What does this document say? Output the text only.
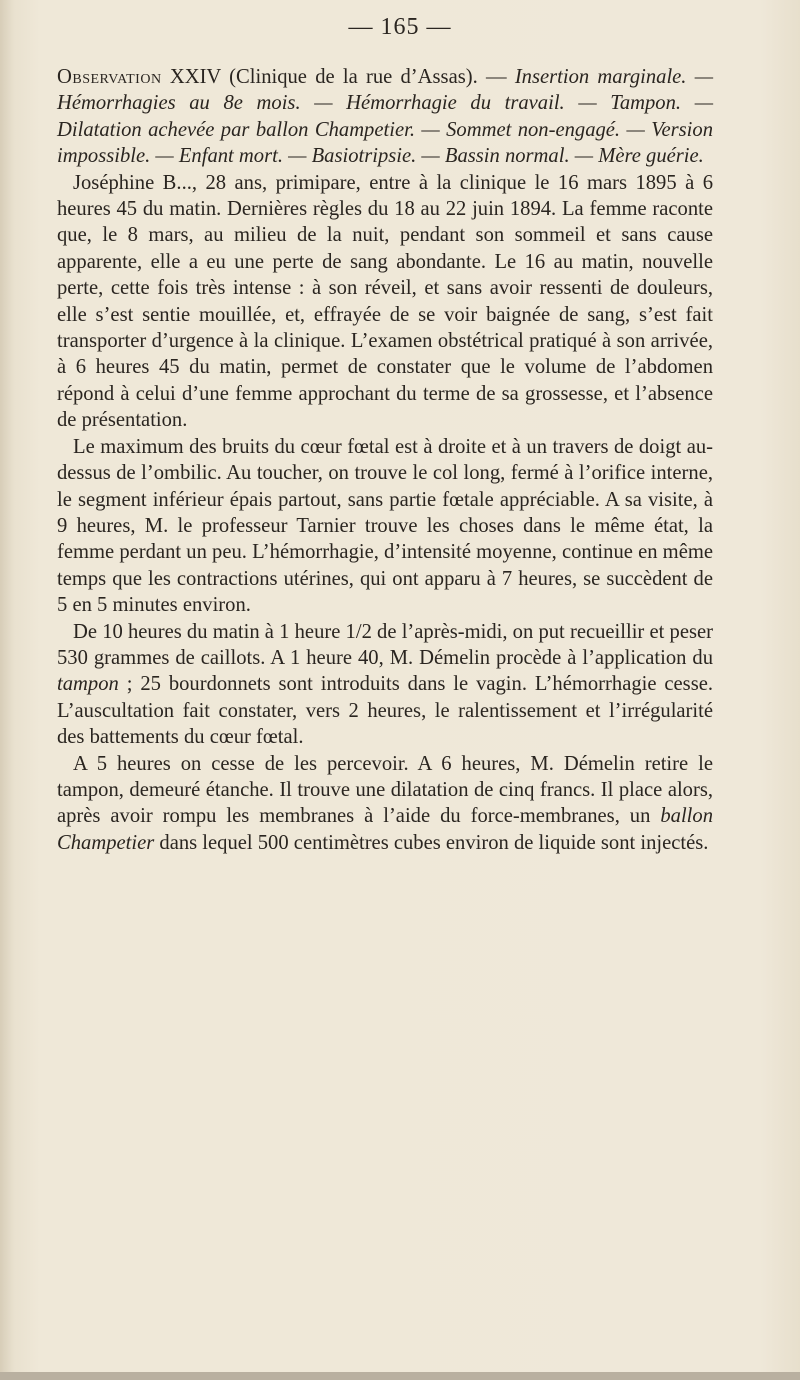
— 165 —

Observation XXIV (Clinique de la rue d’Assas). — Insertion marginale. — Hémorrhagies au 8e mois. — Hémorrhagie du travail. — Tampon. — Dilatation achevée par ballon Champetier. — Sommet non-engagé. — Version impossible. — Enfant mort. — Basiotripsie. — Bassin normal. — Mère guérie.

Joséphine B..., 28 ans, primipare, entre à la clinique le 16 mars 1895 à 6 heures 45 du matin. Dernières règles du 18 au 22 juin 1894. La femme raconte que, le 8 mars, au milieu de la nuit, pendant son sommeil et sans cause apparente, elle a eu une perte de sang abondante. Le 16 au matin, nouvelle perte, cette fois très intense : à son réveil, et sans avoir ressenti de douleurs, elle s’est sentie mouillée, et, effrayée de se voir baignée de sang, s’est fait transporter d’urgence à la clinique. L’examen obstétrical pratiqué à son arrivée, à 6 heures 45 du matin, permet de constater que le volume de l’abdomen répond à celui d’une femme approchant du terme de sa grossesse, et l’absence de présentation.

Le maximum des bruits du cœur fœtal est à droite et à un travers de doigt au-dessus de l’ombilic. Au toucher, on trouve le col long, fermé à l’orifice interne, le segment inférieur épais partout, sans partie fœtale appréciable. A sa visite, à 9 heures, M. le professeur Tarnier trouve les choses dans le même état, la femme perdant un peu. L’hémorrhagie, d’intensité moyenne, continue en même temps que les contractions utérines, qui ont apparu à 7 heures, se succèdent de 5 en 5 minutes environ.

De 10 heures du matin à 1 heure 1/2 de l’après-midi, on put recueillir et peser 530 grammes de caillots. A 1 heure 40, M. Démelin procède à l’application du tampon ; 25 bourdonnets sont introduits dans le vagin. L’hémorrhagie cesse. L’auscultation fait constater, vers 2 heures, le ralentissement et l’irrégularité des battements du cœur fœtal.

A 5 heures on cesse de les percevoir. A 6 heures, M. Démelin retire le tampon, demeuré étanche. Il trouve une dilatation de cinq francs. Il place alors, après avoir rompu les membranes à l’aide du force-membranes, un ballon Champetier dans lequel 500 centimètres cubes environ de liquide sont injectés.
